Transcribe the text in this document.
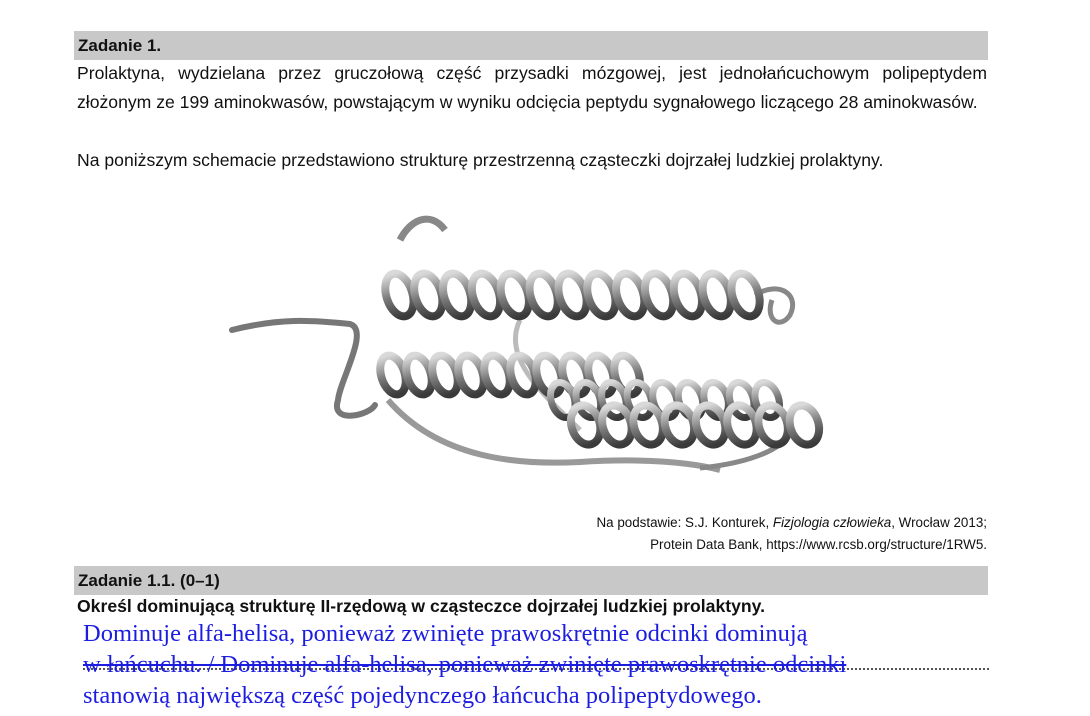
Zadanie 1.

Prolaktyna, wydzielana przez gruczołową część przysadki mózgowej, jest jednołańcuchowym polipeptydem złożonym ze 199 aminokwasów, powstającym w wyniku odcięcia peptydu sygnałowego liczącego 28 aminokwasów.

Na poniższym schemacie przedstawiono strukturę przestrzenną cząsteczki dojrzałej ludzkiej prolaktyny.

Na podstawie: S.J. Konturek, Fizjologia człowieka, Wrocław 2013;
Protein Data Bank, https://www.rcsb.org/structure/1RW5.
Zadanie 1.1. (0–1)
Określ dominującą strukturę II-rzędową w cząsteczce dojrzałej ludzkiej prolaktyny.
Dominuje alfa-helisa, ponieważ zwinięte prawoskrętnie odcinki dominują
w łańcuchu. / Dominuje alfa-helisa, ponieważ zwinięte prawoskrętnie odcinki
stanowią największą część pojedynczego łańcucha polipeptydowego.
